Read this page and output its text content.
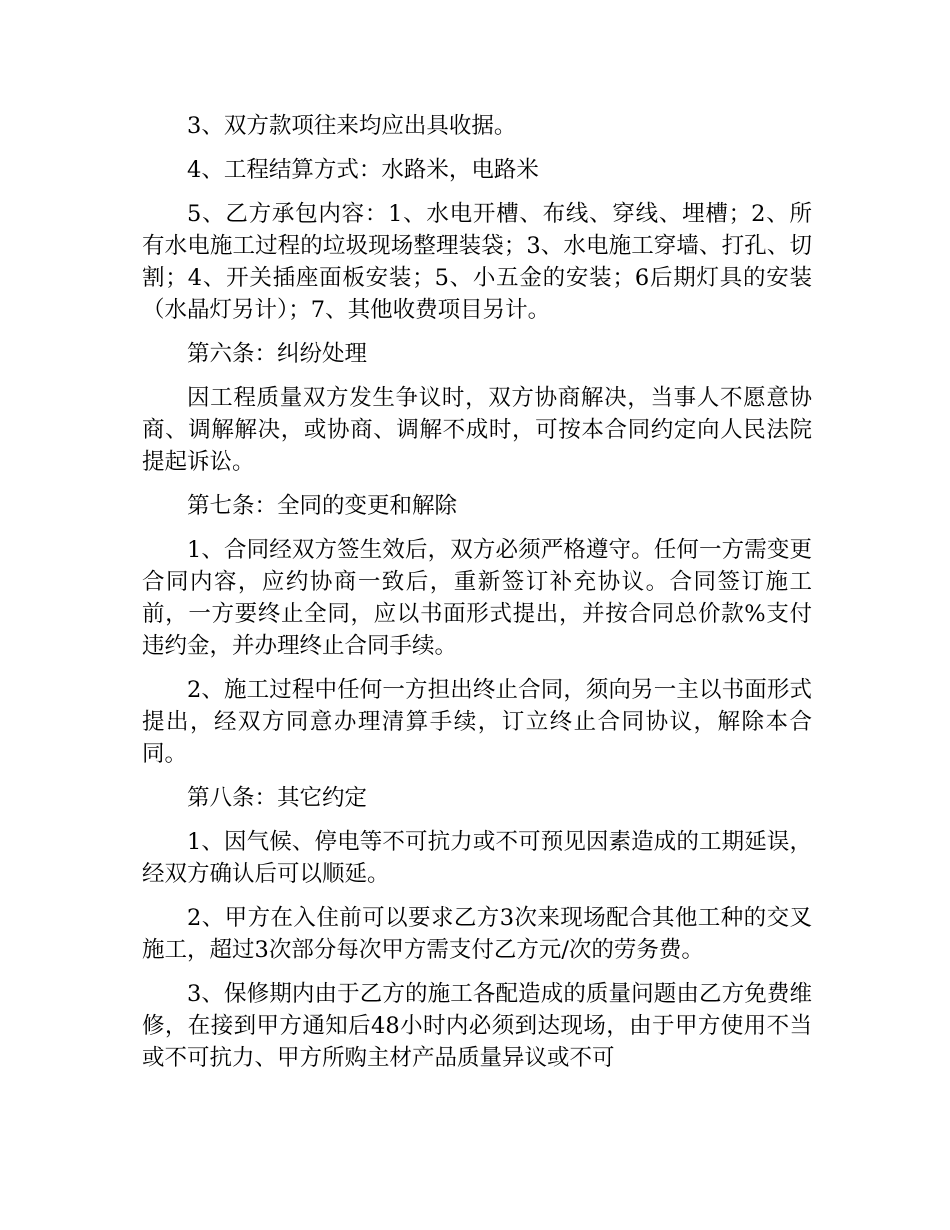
3、双方款项往来均应出具收据。

4、工程结算方式：水路米，电路米

5、乙方承包内容：1、水电开槽、布线、穿线、埋槽；2、所有水电施工过程的垃圾现场整理装袋；3、水电施工穿墙、打孔、切割；4、开关插座面板安装；5、小五金的安装；6后期灯具的安装（水晶灯另计）；7、其他收费项目另计。

第六条：纠纷处理

因工程质量双方发生争议时，双方协商解决，当事人不愿意协商、调解解决，或协商、调解不成时，可按本合同约定向人民法院提起诉讼。

第七条：全同的变更和解除

1、合同经双方签生效后，双方必须严格遵守。任何一方需变更合同内容，应约协商一致后，重新签订补充协议。合同签订施工前，一方要终止全同，应以书面形式提出，并按合同总价款%支付违约金，并办理终止合同手续。

2、施工过程中任何一方担出终止合同，须向另一主以书面形式提出，经双方同意办理清算手续，订立终止合同协议，解除本合同。

第八条：其它约定

1、因气候、停电等不可抗力或不可预见因素造成的工期延误，经双方确认后可以顺延。

2、甲方在入住前可以要求乙方3次来现场配合其他工种的交叉施工，超过3次部分每次甲方需支付乙方元/次的劳务费。

3、保修期内由于乙方的施工各配造成的质量问题由乙方免费维修，在接到甲方通知后48小时内必须到达现场，由于甲方使用不当或不可抗力、甲方所购主材产品质量异议或不可
